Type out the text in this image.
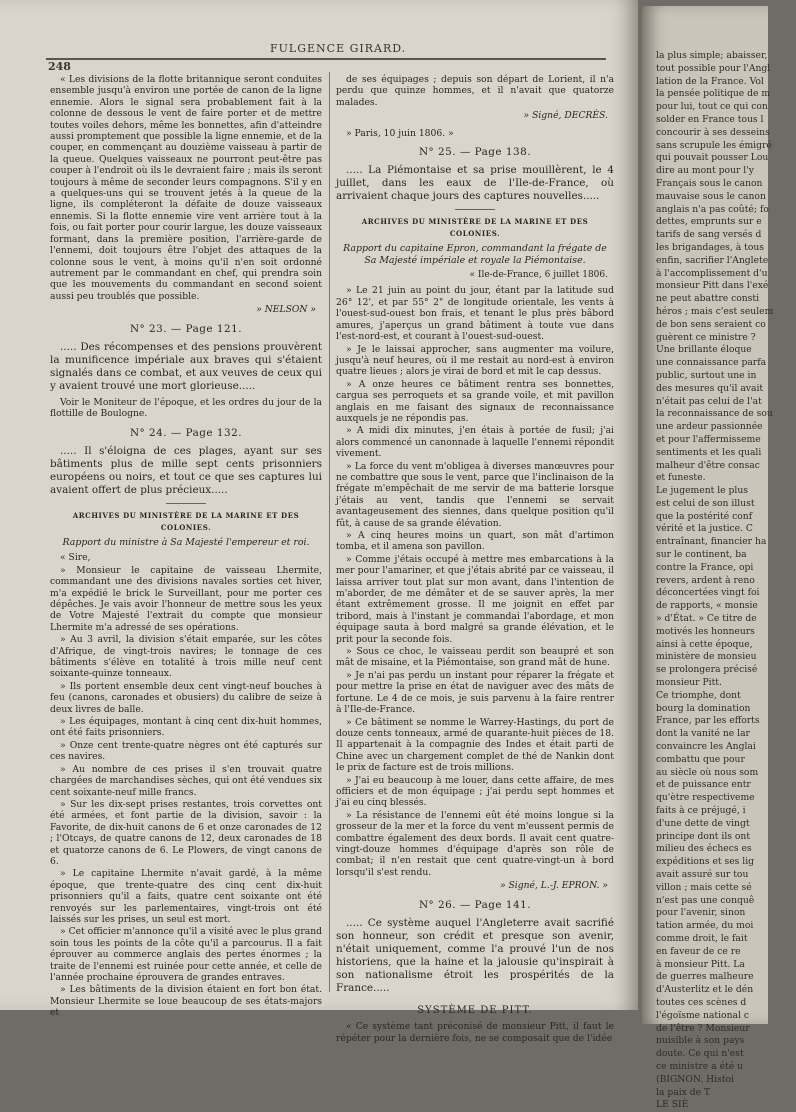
FULGENCE GIRARD.
248

« Les divisions de la flotte britannique seront conduites ensemble jusqu'à environ une portée de canon de la ligne ennemie. Alors le signal sera probablement fait à la colonne de dessous le vent de faire porter et de mettre toutes voiles dehors, même les bonnettes, afin d'atteindre aussi promptement que possible la ligne ennemie, et de la couper, en commençant au douzième vaisseau à partir de la queue. Quelques vaisseaux ne pourront peut-être pas couper à l'endroit où ils le devraient faire ; mais ils seront toujours à même de seconder leurs compagnons. S'il y en a quelques-uns qui se trouvent jetés à la queue de la ligne, ils compléteront la défaite de douze vaisseaux ennemis. Si la flotte ennemie vire vent arrière tout à la fois, ou fait porter pour courir largue, les douze vaisseaux formant, dans la première position, l'arrière-garde de l'ennemi, doit toujours être l'objet des attaques de la colonne sous le vent, à moins qu'il n'en soit ordonné autrement par le commandant en chef, qui prendra soin que les mouvements du commandant en second soient aussi peu troublés que possible.

» NELSON »

N° 23. — Page 121.

..... Des récompenses et des pensions prouvèrent la munificence impériale aux braves qui s'étaient signalés dans ce combat, et aux veuves de ceux qui y avaient trouvé une mort glorieuse.....

Voir le Moniteur de l'époque, et les ordres du jour de la flottille de Boulogne.

N° 24. — Page 132.

..... Il s'éloigna de ces plages, ayant sur ses bâtiments plus de mille sept cents prisonniers européens ou noirs, et tout ce que ses captures lui avaient offert de plus précieux.....

ARCHIVES DU MINISTÈRE DE LA MARINE ET DES COLONIES.

Rapport du ministre à Sa Majesté l'empereur et roi.

« Sire,

» Monsieur le capitaine de vaisseau Lhermite, commandant une des divisions navales sorties cet hiver, m'a expédié le brick le Surveillant, pour me porter ces dépêches. Je vais avoir l'honneur de mettre sous les yeux de Votre Majesté l'extrait du compte que monsieur Lhermite m'a adressé de ses opérations.

» Au 3 avril, la division s'était emparée, sur les côtes d'Afrique, de vingt-trois navires; le tonnage de ces bâtiments s'élève en totalité à trois mille neuf cent soixante-quinze tonneaux.

» Ils portent ensemble deux cent vingt-neuf bouches à feu (canons, caronades et obusiers) du calibre de seize à deux livres de balle.

» Les équipages, montant à cinq cent dix-huit hommes, ont été faits prisonniers.

» Onze cent trente-quatre nègres ont été capturés sur ces navires.

» Au nombre de ces prises il s'en trouvait quatre chargées de marchandises sèches, qui ont été vendues six cent soixante-neuf mille francs.

» Sur les dix-sept prises restantes, trois corvettes ont été armées, et font partie de la division, savoir : la Favorite, de dix-huit canons de 6 et onze caronades de 12 ; l'Otcays, de quatre canons de 12, deux caronades de 18 et quatorze canons de 6. Le Plowers, de vingt canons de 6.

» Le capitaine Lhermite n'avait gardé, à la même époque, que trente-quatre des cinq cent dix-huit prisonniers qu'il a faits, quatre cent soixante ont été renvoyés sur les parlementaires, vingt-trois ont été laissés sur les prises, un seul est mort.

» Cet officier m'annonce qu'il a visité avec le plus grand soin tous les points de la côte qu'il a parcourus. Il a fait éprouver au commerce anglais des pertes énormes ; la traite de l'ennemi est ruinée pour cette année, et celle de l'année prochaine éprouvera de grandes entraves.

» Les bâtiments de la division étaient en fort bon état. Monsieur Lhermite se loue beaucoup de ses états-majors et

de ses équipages ; depuis son départ de Lorient, il n'a perdu que quinze hommes, et il n'avait que quatorze malades.

» Signé, DECRÈS.

» Paris, 10 juin 1806. »

N° 25. — Page 138.

..... La Piémontaise et sa prise mouillèrent, le 4 juillet, dans les eaux de l'Ile-de-France, où arrivaient chaque jours des captures nouvelles.....

ARCHIVES DU MINISTÈRE DE LA MARINE ET DES COLONIES.

Rapport du capitaine Epron, commandant la frégate de Sa Majesté impériale et royale la Piémontaise.

« Ile-de-France, 6 juillet 1806.

» Le 21 juin au point du jour, étant par la latitude sud 26° 12', et par 55° 2" de longitude orientale, les vents à l'ouest-sud-ouest bon frais, et tenant le plus près bâbord amures, j'aperçus un grand bâtiment à toute vue dans l'est-nord-est, et courant à l'ouest-sud-ouest.

» Je le laissai approcher, sans augmenter ma voilure, jusqu'à neuf heures, où il me restait au nord-est à environ quatre lieues ; alors je virai de bord et mit le cap dessus.

» A onze heures ce bâtiment rentra ses bonnettes, cargua ses perroquets et sa grande voile, et mit pavillon anglais en me faisant des signaux de reconnaissance auxquels je ne répondis pas.

» A midi dix minutes, j'en étais à portée de fusil; j'ai alors commencé un canonnade à laquelle l'ennemi répondit vivement.

» La force du vent m'obligea à diverses manœuvres pour ne combattre que sous le vent, parce que l'inclinaison de la frégate m'empêchait de me servir de ma batterie lorsque j'étais au vent, tandis que l'ennemi se servait avantageusement des siennes, dans quelque position qu'il fût, à cause de sa grande élévation.

» A cinq heures moins un quart, son mât d'artimon tomba, et il amena son pavillon.

» Comme j'étais occupé à mettre mes embarcations à la mer pour l'amariner, et que j'étais abrité par ce vaisseau, il laissa arriver tout plat sur mon avant, dans l'intention de m'aborder, de me démâter et de se sauver après, la mer étant extrêmement grosse. Il me joignit en effet par tribord, mais à l'instant je commandai l'abordage, et mon équipage sauta à bord malgré sa grande élévation, et le prit pour la seconde fois.

» Sous ce choc, le vaisseau perdit son beaupré et son mât de misaine, et la Piémontaise, son grand mât de hune.

» Je n'ai pas perdu un instant pour réparer la frégate et pour mettre la prise en état de naviguer avec des mâts de fortune. Le 4 de ce mois, je suis parvenu à la faire rentrer à l'Ile-de-France.

» Ce bâtiment se nomme le Warrey-Hastings, du port de douze cents tonneaux, armé de quarante-huit pièces de 18. Il appartenait à la compagnie des Indes et était parti de Chine avec un chargement complet de thé de Nankin dont le prix de facture est de trois millions.

» J'ai eu beaucoup à me louer, dans cette affaire, de mes officiers et de mon équipage ; j'ai perdu sept hommes et j'ai eu cinq blessés.

» La résistance de l'ennemi eût été moins longue si la grosseur de la mer et la force du vent m'eussent permis de combattre également des deux bords. Il avait cent quatre-vingt-douze hommes d'équipage d'après son rôle de combat; il n'en restait que cent quatre-vingt-un à bord lorsqu'il s'est rendu.

» Signé, L.-J. EPRON. »

N° 26. — Page 141.

..... Ce système auquel l'Angleterre avait sacrifié son honneur, son crédit et presque son avenir, n'était uniquement, comme l'a prouvé l'un de nos historiens, que la haine et la jalousie qu'inspirait à son nationalisme étroit les prospérités de la France.....

SYSTÈME DE PITT.

« Ce système tant préconisé de monsieur Pitt, il faut le répéter pour la dernière fois, ne se composait que de l'idée

la plus simple; abaisser,
tout possible pour l'Angl
lation de la France. Vol
la pensée politique de m
pour lui, tout ce qui con
solder en France tous l
concourir à ses desseins
sans scrupule les émigré
qui pouvait pousser Lou
dire au mont pour l'y
Français sous le canon
mauvaise sous le canon
anglais n'a pas coûté; fo
dettes, emprunts sur e
tarifs de sang versés d
les brigandages, à tous
enfin, sacrifier l'Anglete
à l'accomplissement d'u
monsieur Pitt dans l'exé
ne peut abattre consti
héros ; mais c'est seulem
de bon sens seraient co
guèrent ce ministre ?
Une brillante éloque
une connaissance parfa
public, surtout une in
des mesures qu'il avait
n'était pas celui de l'at
la reconnaissance de sou
une ardeur passionnée
et pour l'affermisseme
sentiments et les quali
malheur d'être consac
et funeste.
Le jugement le plus
est celui de son illust
que la postérité conf
vérité et la justice. C
entraînant, financier ha
sur le continent, ba
contre la France, opi
revers, ardent à reno
déconcertées vingt foi
de rapports, « monsie
» d'État. » Ce titre de
motivés les honneurs
ainsi à cette époque,
ministère de monsieu
se prolongera précisé
monsieur Pitt.
Ce triomphe, dont
bourg la domination
France, par les efforts
dont la vanité ne lar
convaincre les Anglai
combattu que pour
au siècle où nous som
et de puissance entr
qu'ètre respectiveme
faits à ce préjugé, i
d'une dette de vingt
principe dont ils ont
milieu des échecs es
expéditions et ses lig
avait assuré sur tou
villon ; mais cette sé
n'est pas une conquê
pour l'avenir, sinon
tation armée, du moi
comme droit, le fait
en faveur de ce re
à monsieur Pitt. La
de guerres malheure
d'Austerlitz et le dén
toutes ces scènes d
l'égoïsme national c
de l'être ? Monsieur
nuisible à son pays
doute. Ce qui n'est
ce ministre a été u
(BIGNON. Histoi
la paix de T
LE SIÈ
